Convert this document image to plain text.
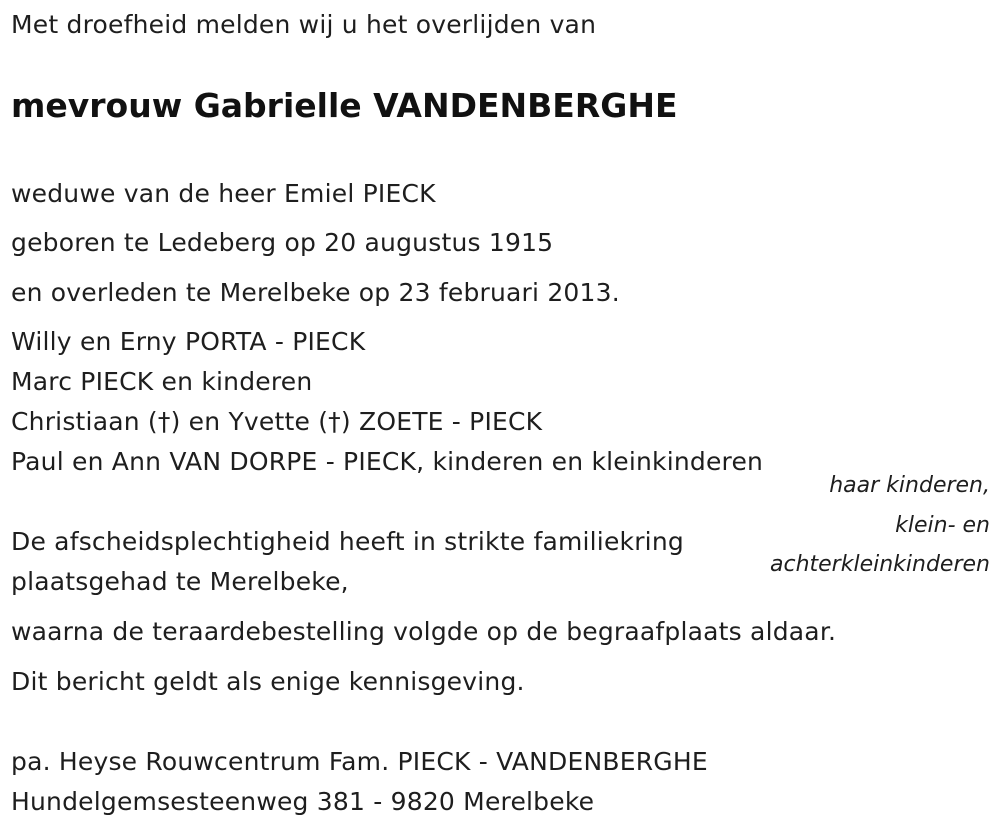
Met droefheid melden wij u het overlijden van
mevrouw Gabrielle VANDENBERGHE
weduwe van de heer Emiel PIECK
geboren te Ledeberg op 20 augustus 1915
en overleden te Merelbeke op 23 februari 2013.
Willy en Erny PORTA - PIECK
Marc PIECK en kinderen
Christiaan (†) en Yvette (†) ZOETE - PIECK
Paul en Ann VAN DORPE - PIECK, kinderen en kleinkinderen
haar kinderen,
klein- en
achterkleinkinderen
De afscheidsplechtigheid heeft in strikte familiekring
plaatsgehad te Merelbeke,
waarna de teraardebestelling volgde op de begraafplaats aldaar.
Dit bericht geldt als enige kennisgeving.
pa. Heyse Rouwcentrum Fam. PIECK - VANDENBERGHE
Hundelgemsesteenweg 381 - 9820 Merelbeke
